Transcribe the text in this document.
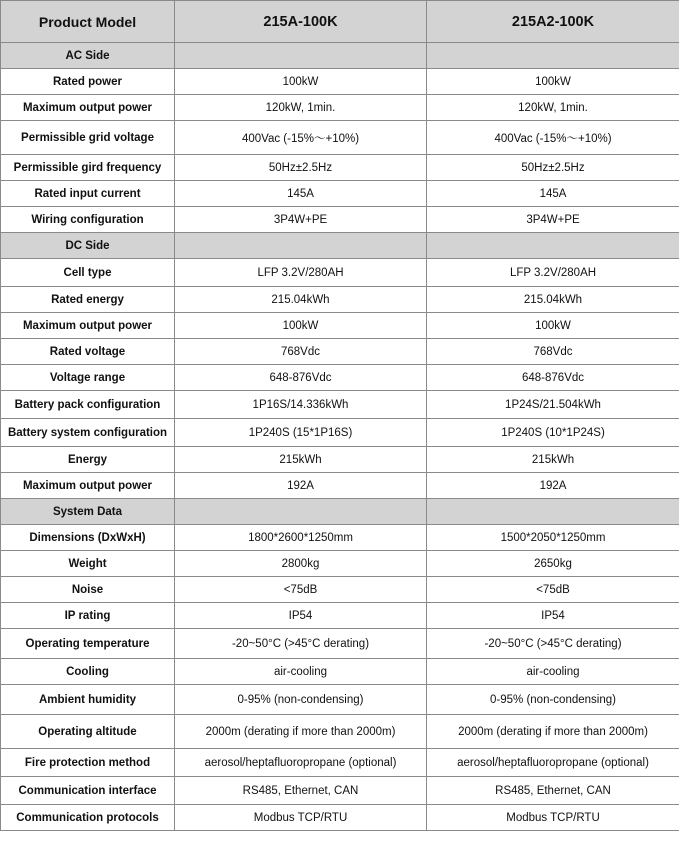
Product Model	215A-100K	215A2-100K
AC Side		
Rated power	100kW	100kW
Maximum output power	120kW, 1min.	120kW, 1min.
Permissible grid voltage	400Vac (-15%～+10%)	400Vac (-15%～+10%)
Permissible gird frequency	50Hz±2.5Hz	50Hz±2.5Hz
Rated input current	145A	145A
Wiring configuration	3P4W+PE	3P4W+PE
DC Side		
Cell type	LFP 3.2V/280AH	LFP 3.2V/280AH
Rated energy	215.04kWh	215.04kWh
Maximum output power	100kW	100kW
Rated voltage	768Vdc	768Vdc
Voltage range	648-876Vdc	648-876Vdc
Battery pack configuration	1P16S/14.336kWh	1P24S/21.504kWh
Battery system configuration	1P240S (15*1P16S)	1P240S (10*1P24S)
Energy	215kWh	215kWh
Maximum output power	192A	192A
System Data		
Dimensions (DxWxH)	1800*2600*1250mm	1500*2050*1250mm
Weight	2800kg	2650kg
Noise	<75dB	<75dB
IP rating	IP54	IP54
Operating temperature	-20~50°C (>45°C derating)	-20~50°C (>45°C derating)
Cooling	air-cooling	air-cooling
Ambient humidity	0-95% (non-condensing)	0-95% (non-condensing)
Operating altitude	2000m (derating if more than 2000m)	2000m (derating if more than 2000m)
Fire protection method	aerosol/heptafluoropropane (optional)	aerosol/heptafluoropropane (optional)
Communication interface	RS485, Ethernet, CAN	RS485, Ethernet, CAN
Communication protocols	Modbus TCP/RTU	Modbus TCP/RTU
